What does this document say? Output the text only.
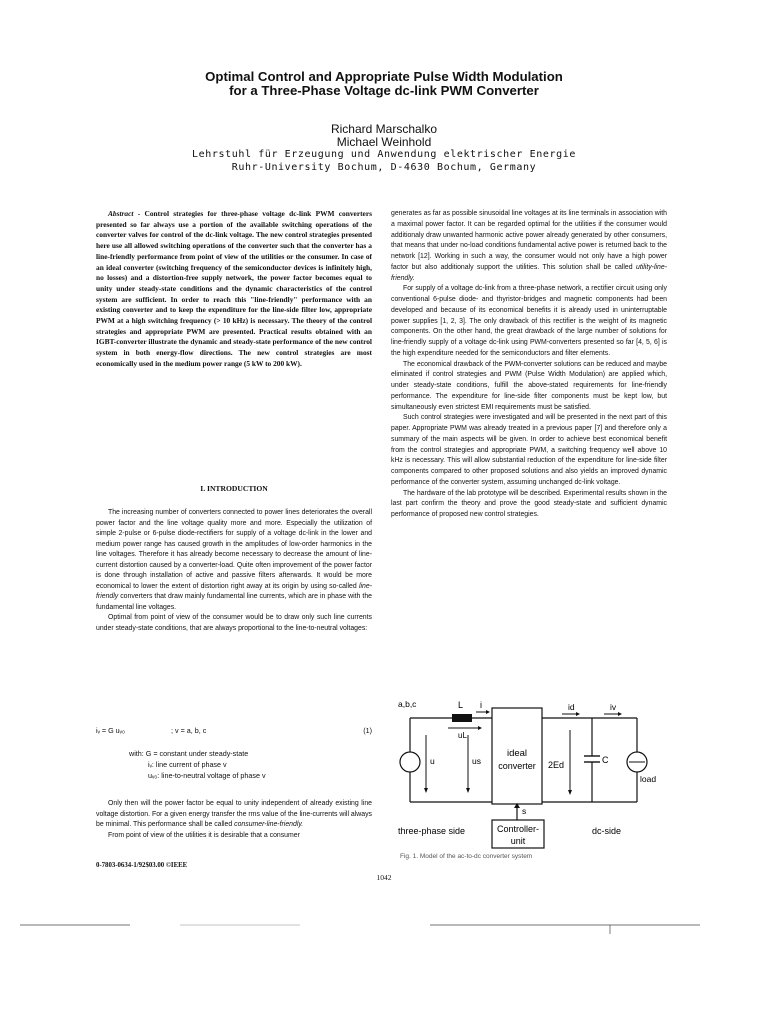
Optimal Control and Appropriate Pulse Width Modulation
for a Three-Phase Voltage dc-link PWM Converter
Richard Marschalko
Michael Weinhold
Lehrstuhl für Erzeugung und Anwendung elektrischer Energie
Ruhr-University Bochum, D-4630 Bochum, Germany

Abstract - Control strategies for three-phase voltage dc-link PWM converters presented so far always use a portion of the available switching operations of the converter valves for control of the dc-link voltage. The new control strategies presented here use all allowed switching operations of the converter such that the converter has a line-friendly performance from point of view of the utilities or the consumer. In case of an ideal converter (switching frequency of the semiconductor devices is infinitely high, no losses) and a distortion-free supply network, the power factor becomes equal to unity under steady-state conditions and the dynamic characteristics of the control system are sufficient. In order to reach this "line-friendly" performance with an existing converter and to keep the expenditure for the line-side filter low, appropriate PWM at a high switching frequency (> 10 kHz) is necessary. The theory of the control strategies and appropriate PWM are presented. Practical results obtained with an IGBT-converter illustrate the dynamic and steady-state performance of the new control system in both energy-flow directions. The new control strategies are most economically used in the medium power range (5 kW to 200 kW).

I. INTRODUCTION

The increasing number of converters connected to power lines deteriorates the overall power factor and the line voltage quality more and more. Especially the utilization of simple 2-pulse or 6-pulse diode-rectifiers for supply of a voltage dc-link in the lower and medium power range has caused growth in the amplitudes of low-order harmonics in the line voltages. Therefore it has already become necessary to decrease the amount of line-current distortion caused by a converter-load. Quite often improvement of the power factor is done through installation of active and passive filters afterwards. It would be more economical to lower the extent of distortion right away at its origin by using so-called line-friendly converters that draw mainly fundamental line currents, which are in phase with the fundamental line voltages.

Optimal from point of view of the consumer would be to draw only such line currents under steady-state conditions, that are always proportional to the line-to-neutral voltages:

iᵥ = G uᵥ₀	; v = a, b, c	(1)
with: G = constant under steady-state
iᵥ: line current of phase v
uᵥ₀: line-to-neutral voltage of phase v

Only then will the power factor be equal to unity independent of already existing line voltage distortion. For a given energy transfer the rms value of the line-currents will always be minimal. This performance shall be called consumer-line-friendly.

From point of view of the utilities it is desirable that a consumer

0-7803-0634-1/92$03.00 ©IEEE
1042

generates as far as possible sinusoidal line voltages at its line terminals in association with a maximal power factor. It can be regarded optimal for the utilities if the consumer would additionaly draw unwanted harmonic active power already generated by other consumers, that means that under no-load conditions fundamental active power is returned back to the network [12]. Working in such a way, the consumer would not only have a high power factor but also additionaly support the utilities. This solution shall be called utility-line-friendly.

For supply of a voltage dc-link from a three-phase network, a rectifier circuit using only conventional 6-pulse diode- and thyristor-bridges and magnetic components had been developed and because of its economical benefits it is already used in uninterruptable power supplies [1, 2, 3]. The only drawback of this rectifier is the weight of its magnetic components. On the other hand, the great drawback of the large number of solutions for line-friendly supply of a voltage dc-link using PWM-converters presented so far [4, 5, 6] is the high expenditure needed for the semiconductors and filter elements.

The economical drawback of the PWM-converter solutions can be reduced and maybe eliminated if control strategies and PWM (Pulse Width Modulation) are applied which, under steady-state conditions, fulfill the above-stated requirements for line-friendly performance. The expenditure for line-side filter components must be kept low, but simultaneously even strictest EMI requirements must be satisfied.

Such control strategies were investigated and will be presented in the next part of this paper. Appropriate PWM was already treated in a previous paper [7] and therefore only a summary of the main aspects will be given. In order to achieve best economical benefit from the control strategies and appropriate PWM, a switching frequency well above 10 kHz is necessary. This will allow substantial reduction of the expenditure for line-side filter components compared to other proposed solutions and also yields an improved dynamic performance of the converter system, assuming unchanged dc-link voltage.

The hardware of the lab prototype will be described. Experimental results shown in the last part confirm the theory and prove the good steady-state and sufficient dynamic performance of proposed new control strategies.

a,b,c	L i
uL
u	us
ideal
converter
id	iv
2Ed	C
load
s
Controller-
unit
three-phase side	dc-side
Fig. 1. Model of the ac-to-dc converter system
